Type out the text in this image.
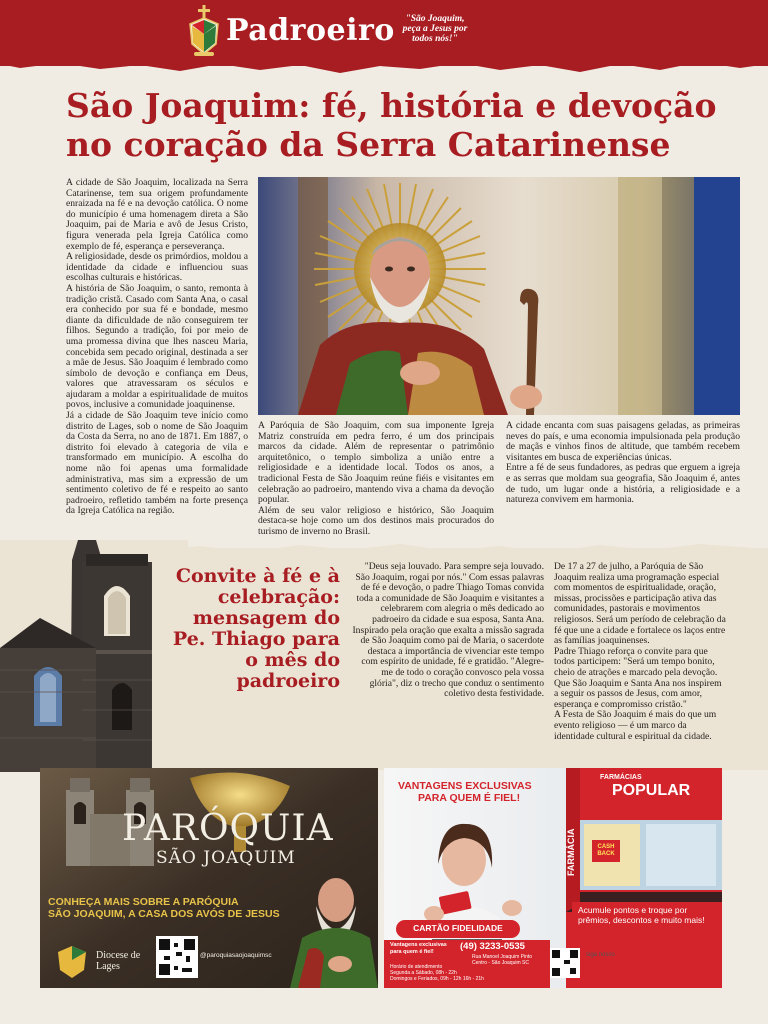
Padroeiro	"São Joaquim, peça a Jesus por todos nós!"
São Joaquim: fé, história e devoção no coração da Serra Catarinense

A cidade de São Joaquim, localizada na Serra Catarinense, tem sua origem profundamente enraizada na fé e na devoção católica. O nome do município é uma homenagem direta a São Joaquim, pai de Maria e avô de Jesus Cristo, figura venerada pela Igreja Católica como exemplo de fé, esperança e perseverança.

A religiosidade, desde os primórdios, moldou a identidade da cidade e influenciou suas escolhas culturais e históricas.

A história de São Joaquim, o santo, remonta à tradição cristã. Casado com Santa Ana, o casal era conhecido por sua fé e bondade, mesmo diante da dificuldade de não conseguirem ter filhos. Segundo a tradição, foi por meio de uma promessa divina que lhes nasceu Maria, concebida sem pecado original, destinada a ser a mãe de Jesus. São Joaquim é lembrado como símbolo de devoção e confiança em Deus, valores que atravessaram os séculos e ajudaram a moldar a espiritualidade de muitos povos, inclusive a comunidade joaquinense.

Já a cidade de São Joaquim teve início como distrito de Lages, sob o nome de São Joaquim da Costa da Serra, no ano de 1871. Em 1887, o distrito foi elevado à categoria de vila e transformado em município. A escolha do nome não foi apenas uma formalidade administrativa, mas sim a expressão de um sentimento coletivo de fé e respeito ao santo padroeiro, refletido também na forte presença da Igreja Católica na região.

A Paróquia de São Joaquim, com sua imponente Igreja Matriz construída em pedra ferro, é um dos principais marcos da cidade. Além de representar o patrimônio arquitetônico, o templo simboliza a união entre a religiosidade e a identidade local. Todos os anos, a tradicional Festa de São Joaquim reúne fiéis e visitantes em celebração ao padroeiro, mantendo viva a chama da devoção popular.

Além de seu valor religioso e histórico, São Joaquim destaca-se hoje como um dos destinos mais procurados do turismo de inverno no Brasil.

A cidade encanta com suas paisagens geladas, as primeiras neves do país, e uma economia impulsionada pela produção de maçãs e vinhos finos de altitude, que também recebem visitantes em busca de experiências únicas.

Entre a fé de seus fundadores, as pedras que erguem a igreja e as serras que moldam sua geografia, São Joaquim é, antes de tudo, um lugar onde a história, a religiosidade e a natureza convivem em harmonia.

Convite à fé e à celebração: mensagem do Pe. Thiago para o mês do padroeiro

"Deus seja louvado. Para sempre seja louvado. São Joaquim, rogai por nós." Com essas palavras de fé e devoção, o padre Thiago Tomas convida toda a comunidade de São Joaquim e visitantes a celebrarem com alegria o mês dedicado ao padroeiro da cidade e sua esposa, Santa Ana.

Inspirado pela oração que exalta a missão sagrada de São Joaquim como pai de Maria, o sacerdote destaca a importância de vivenciar este tempo com espírito de unidade, fé e gratidão. "Alegre-me de todo o coração convosco pela vossa glória", diz o trecho que conduz o sentimento coletivo desta festividade.

De 17 a 27 de julho, a Paróquia de São Joaquim realiza uma programação especial com momentos de espiritualidade, oração, missas, procissões e participação ativa das comunidades, pastorais e movimentos religiosos. Será um período de celebração da fé que une a cidade e fortalece os laços entre as famílias joaquinenses.

Padre Thiago reforça o convite para que todos participem: "Será um tempo bonito, cheio de atrações e marcado pela devoção. Que São Joaquim e Santa Ana nos inspirem a seguir os passos de Jesus, com amor, esperança e compromisso cristão."

A Festa de São Joaquim é mais do que um evento religioso — é um marco da identidade cultural e espiritual da cidade.

PARÓQUIA
SÃO JOAQUIM
CONHEÇA MAIS SOBRE A PARÓQUIA
SÃO JOAQUIM, A CASA DOS AVÓS DE JESUS
Diocese de Lages
@paroquiasaojoaquimsc
VANTAGENS EXCLUSIVAS
PARA QUEM É FIEL!
FARMÁCIAS
POPULAR
FARMÁCIA	CASH BACK
CARTÃO FIDELIDADE
Acumule pontos e troque por prêmios, descontos e muito mais!
Vantagens exclusivas
para quem é fiel!	(49) 3233-0535
Rua Manoel Joaquim Pinto
Centro - São Joaquim SC
Horário de atendimento
Segunda a Sábado, 08h - 22h
Domingos e Feriados, 09h - 12h 16h - 21h
siga nosso
Instagram
FARMÁCIAS ACESSO
POPULAR
